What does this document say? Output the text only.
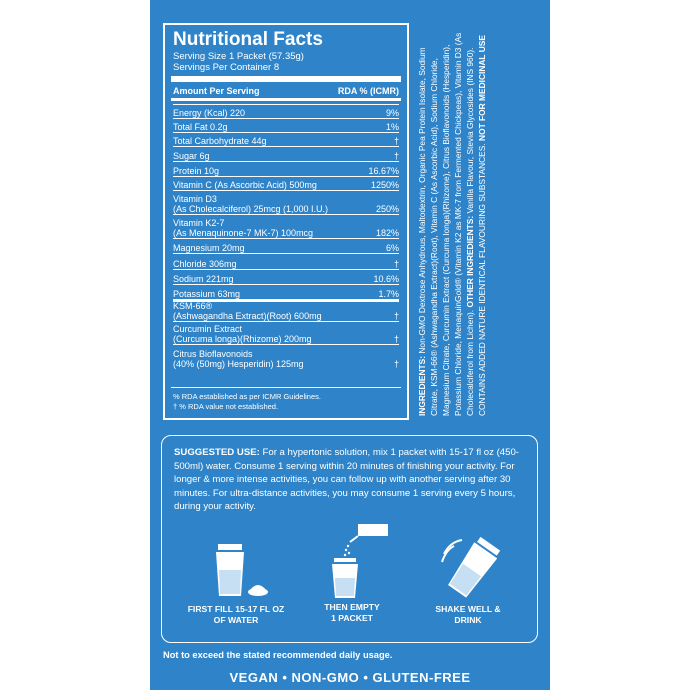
Nutritional Facts
Serving Size 1 Packet (57.35g)
Servings Per Container 8
Amount Per Serving	RDA % (ICMR)
Energy (Kcal) 220	9%
Total Fat 0.2g	1%
Total Carbohydrate 44g	†
Sugar 6g	†
Protein 10g	16.67%
Vitamin C (As Ascorbic Acid) 500mg	1250%
Vitamin D3
(As Cholecalciferol) 25mcg (1,000 I.U.)	250%
Vitamin K2-7
(As Menaquinone-7 MK-7) 100mcg	182%
Magnesium 20mg	6%
Chloride 306mg	†
Sodium 221mg	10.6%
Potassium 63mg	1.7%
KSM-66®
(Ashwagandha Extract)(Root) 600mg	†
Curcumin Extract
(Curcuma longa)(Rhizome) 200mg	†
Citrus Bioflavonoids
(40% (50mg) Hesperidin) 125mg	†
% RDA established as per ICMR Guidelines.
† % RDA value not established.	INGREDIENTS: Non-GMO Dextrose Anhydrous, Maltodextrin, Organic Pea Protein Isolate, Sodium Citrate, KSM-66® (Ashwagandha Extract)(Root), Vitamin C (As Ascorbic Acid), Sodium Chloride, Magnesium Citrate, Curcumin Extract (Curcuma longa)(Rhizome), Citrus Bioflavonoids (Hesperidin), Potassium Chloride, MenaquinGold® (Vitamin K2 as MK-7 from Fermented Chickpeas), Vitamin D3 (As Cholecalciferol from Lichen). OTHER INGREDIENTS: Vanilla Flavour, Stevia Glycosides (INS 960). CONTAINS ADDED NATURE IDENTICAL FLAVOURING SUBSTANCES. NOT FOR MEDICINAL USE
SUGGESTED USE: For a hypertonic solution, mix 1 packet with 15-17 fl oz (450-500ml) water. Consume 1 serving within 20 minutes of finishing your activity. For longer & more intense activities, you can follow up with another serving after 30 minutes. For ultra-distance activities, you may consume 1 serving every 5 hours, during your activity.
FIRST FILL 15-17 FL OZ
OF WATER
THEN EMPTY
1 PACKET
SHAKE WELL &
DRINK
Not to exceed the stated recommended daily usage.
VEGAN • NON-GMO • GLUTEN-FREE
